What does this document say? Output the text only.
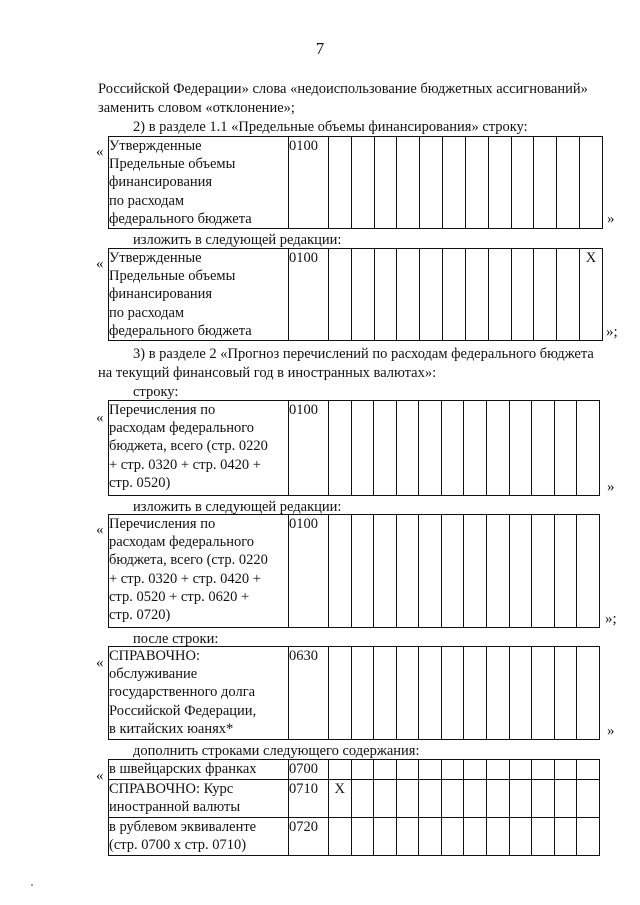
7
Российской Федерации» слова «недоиспользование бюджетных ассигнований»
заменить словом «отклонение»;
2) в разделе 1.1 «Предельные объемы финансирования» строку:
« Утвержденные
Предельные объемы
финансирования
по расходам
федерального бюджета	0100												
»
изложить в следующей редакции:
« Утвержденные
Предельные объемы
финансирования
по расходам
федерального бюджета	0100												X
»;
3) в разделе 2 «Прогноз перечислений по расходам федерального бюджета
на текущий финансовый год в иностранных валютах»:
строку:
« Перечисления по
расходам федерального
бюджета, всего (стр. 0220
+ стр. 0320 + стр. 0420 +
стр. 0520)	0100												
»
изложить в следующей редакции:
« Перечисления по
расходам федерального
бюджета, всего (стр. 0220
+ стр. 0320 + стр. 0420 +
стр. 0520 + стр. 0620 +
стр. 0720)	0100												
»;
после строки:
« СПРАВОЧНО:
обслуживание
государственного долга
Российской Федерации,
в китайских юанях*	0630												
»
дополнить строками следующего содержания:
« в швейцарских франках	0700												
СПРАВОЧНО: Курс
иностранной валюты	0710	X											
в рублевом эквиваленте
(стр. 0700 х стр. 0710)	0720												
